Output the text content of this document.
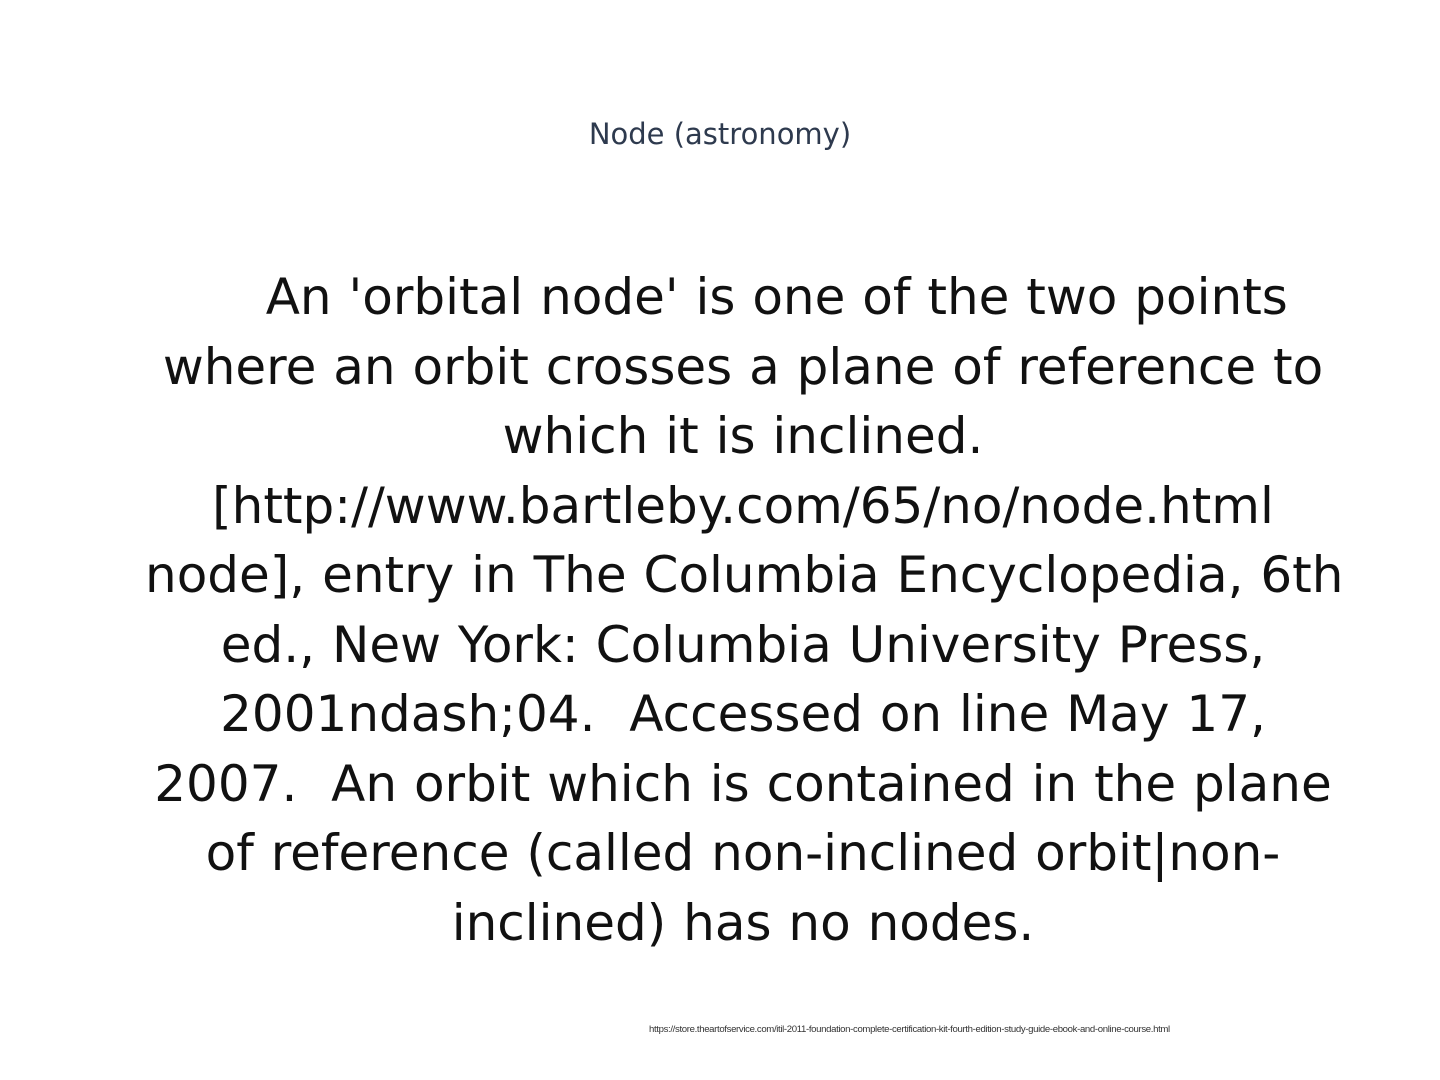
Node (astronomy)

An 'orbital node' is one of the two points
where an orbit crosses a plane of reference to
which it is inclined.
[http://www.bartleby.com/65/no/node.html
node], entry in The Columbia Encyclopedia, 6th
ed., New York: Columbia University Press,
2001ndash;04.  Accessed on line May 17,
2007.  An orbit which is contained in the plane
of reference (called non-inclined orbit|non-
inclined) has no nodes.

https://store.theartofservice.com/itil-2011-foundation-complete-certification-kit-fourth-edition-study-guide-ebook-and-online-course.html
